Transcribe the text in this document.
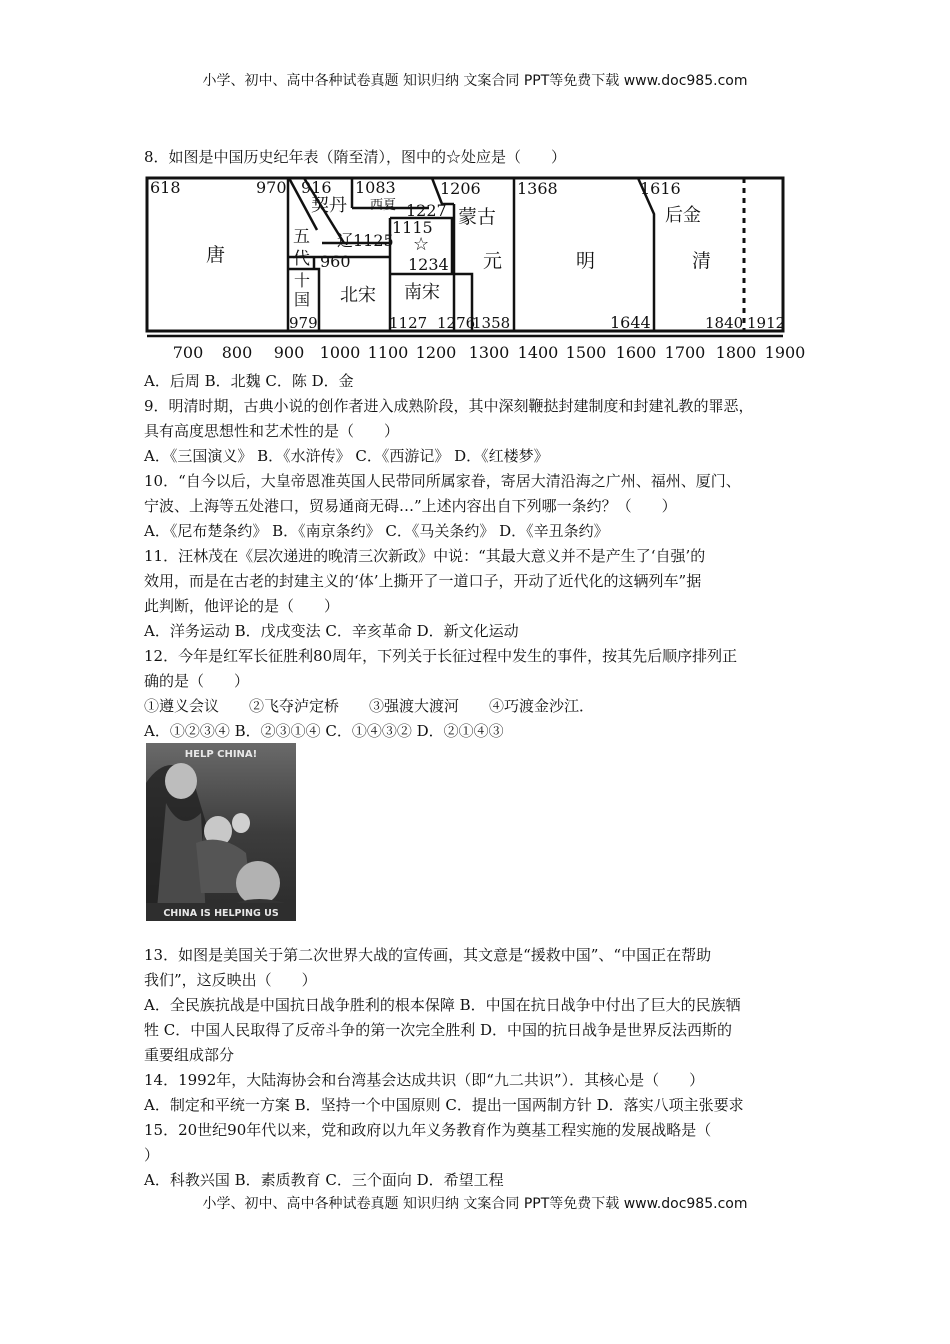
小学、初中、高中各种试卷真题 知识归纳 文案合同 PPT等免费下载 www.doc985.com
8．如图是中国历史纪年表（隋至清），图中的☆处应是（　　）
618	970
唐
916
契丹
1083
西夏 1227
1115
☆
1234
辽1125
960
北宋 南宋
1127 1276
1206
蒙古
元
1358
1368
明
1644
1616
后金
清
1840 1912
五
代
十
国
979
700 800 900 1000 1100 1200 1300 1400 1500 1600 1700 1800 1900
A．后周 B．北魏 C．陈 D．金
9．明清时期，古典小说的创作者进入成熟阶段，其中深刻鞭挞封建制度和封建礼教的罪恶，
具有高度思想性和艺术性的是（　　）
A．《三国演义》 B．《水浒传》 C．《西游记》 D．《红楼梦》
10．“自今以后，大皇帝恩准英国人民带同所属家眷，寄居大清沿海之广州、福州、厦门、
宁波、上海等五处港口，贸易通商无碍…”上述内容出自下列哪一条约？（　　）
A．《尼布楚条约》 B．《南京条约》 C．《马关条约》 D．《辛丑条约》
11．汪林茂在《层次递进的晚清三次新政》中说：“其最大意义并不是产生了‘自强’的
效用，而是在古老的封建主义的‘体’上撕开了一道口子，开动了近代化的这辆列车”据
此判断，他评论的是（　　）
A．洋务运动 B．戊戌变法 C．辛亥革命 D．新文化运动
12．今年是红军长征胜利80周年，下列关于长征过程中发生的事件，按其先后顺序排列正
确的是（　　）
①遵义会议　　②飞夺泸定桥　　③强渡大渡河　　④巧渡金沙江．
A．①②③④ B．②③①④ C．①④③② D．②①④③
HELP CHINA!
CHINA IS HELPING US
13．如图是美国关于第二次世界大战的宣传画，其文意是“援救中国”、“中国正在帮助
我们”，这反映出（　　）
A．全民族抗战是中国抗日战争胜利的根本保障 B．中国在抗日战争中付出了巨大的民族牺
牲 C．中国人民取得了反帝斗争的第一次完全胜利 D．中国的抗日战争是世界反法西斯的
重要组成部分
14．1992年，大陆海协会和台湾基会达成共识（即“九二共识”）．其核心是（　　）
A．制定和平统一方案 B．坚持一个中国原则 C．提出一国两制方针 D．落实八项主张要求
15．20世纪90年代以来，党和政府以九年义务教育作为奠基工程实施的发展战略是（
）
A．科教兴国 B．素质教育 C．三个面向 D．希望工程
小学、初中、高中各种试卷真题 知识归纳 文案合同 PPT等免费下载 www.doc985.com
